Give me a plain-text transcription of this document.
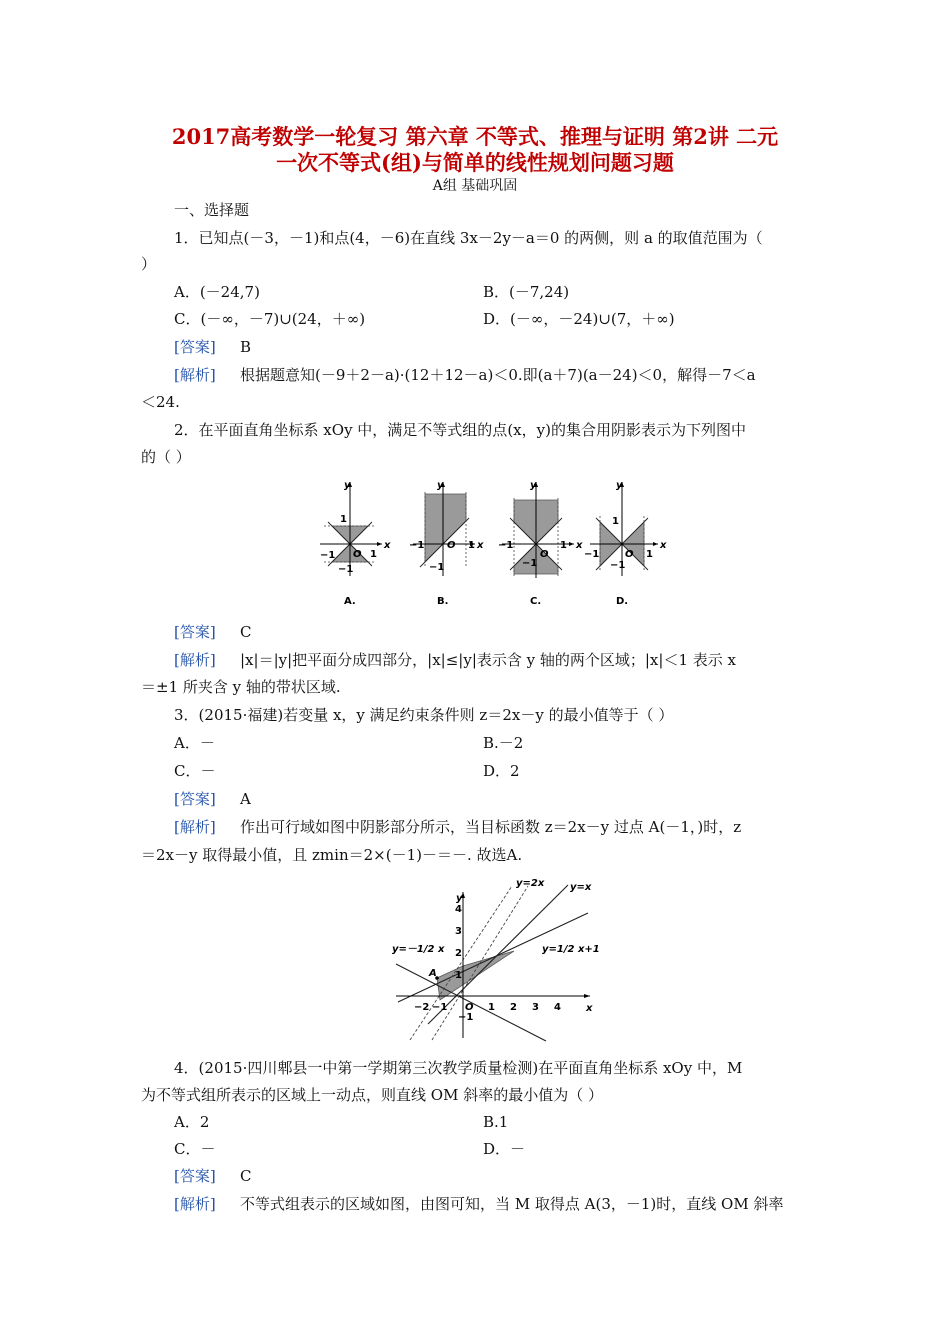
2017高考数学一轮复习 第六章 不等式、推理与证明 第2讲 二元
一次不等式(组)与简单的线性规划问题习题
A组 基础巩固
一、选择题
1．已知点(－3，－1)和点(4，－6)在直线 3x－2y－a＝0 的两侧，则 a 的取值范围为（
）
A．(－24,7)	B．(－7,24)
C．(－∞，－7)∪(24，＋∞)	D．(－∞，－24)∪(7，＋∞)
[答案] B
[解析] 根据题意知(－9＋2－a)·(12＋12－a)＜0.即(a＋7)(a－24)＜0，解得－7＜a
＜24.
2．在平面直角坐标系 xOy 中，满足不等式组的点(x，y)的集合用阴影表示为下列图中
的（ ）
y
x
1
−1
−1 O 1
A.
y
x
−1
−1 O 1
B.
y
x
−1
−1
O
1
C.
y
x
1
−1
−1	O 1
D.
[答案] C
[解析] |x|＝|y|把平面分成四部分，|x|≤|y|表示含 y 轴的两个区域；|x|＜1 表示 x
＝±1 所夹含 y 轴的带状区域.
3．(2015·福建)若变量 x，y 满足约束条件则 z＝2x－y 的最小值等于（ ）
A．－	B.－2
C．－	D．2
[答案] A
[解析] 作出可行域如图中阴影部分所示，当目标函数 z＝2x－y 过点 A(－1，)时，z
＝2x－y 取得最小值，且 zmin＝2×(－1)－＝－. 故选A.
y
x
4
3
2
1
−1
−2 −1 O 1 2 3 4
A
y=2x	y=x
y=－1/2 x	y=1/2 x+1
4．(2015·四川郫县一中第一学期第三次教学质量检测)在平面直角坐标系 xOy 中，M
为不等式组所表示的区域上一动点，则直线 OM 斜率的最小值为（ ）
A．2	B.1
C．－	D．－
[答案] C
[解析] 不等式组表示的区域如图，由图可知，当 M 取得点 A(3，－1)时，直线 OM 斜率
